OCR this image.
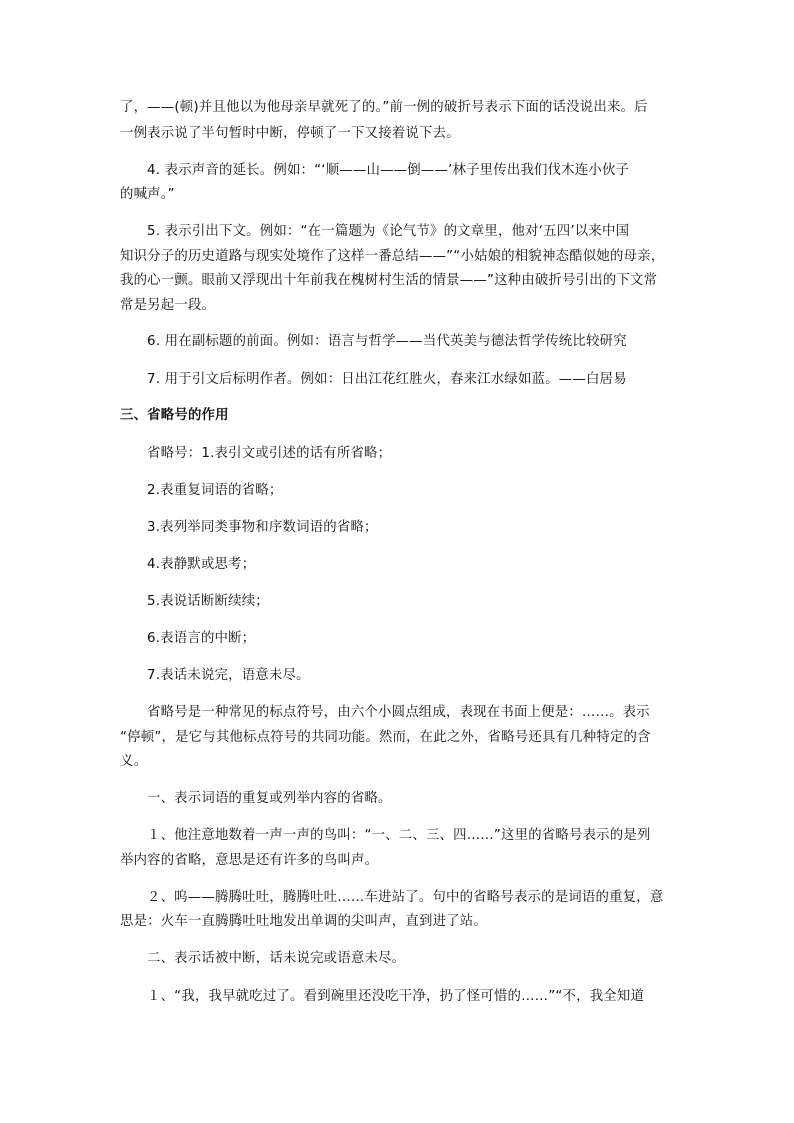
了，——(顿)并且他以为他母亲早就死了的。”前一例的破折号表示下面的话没说出来。后
一例表示说了半句暂时中断，停顿了一下又接着说下去。
4. 表示声音的延长。例如：“‘顺——山——倒——’林子里传出我们伐木连小伙子
的喊声。”
5. 表示引出下文。例如：“在一篇题为《论气节》的文章里，他对‘五四’以来中国
知识分子的历史道路与现实处境作了这样一番总结——”“小姑娘的相貌神态酷似她的母亲，
我的心一颤。眼前又浮现出十年前我在槐树村生活的情景——”这种由破折号引出的下文常
常是另起一段。
6. 用在副标题的前面。例如：语言与哲学——当代英美与德法哲学传统比较研究
7. 用于引文后标明作者。例如：日出江花红胜火，春来江水绿如蓝。——白居易
三、省略号的作用
省略号：1.表引文或引述的话有所省略；
2.表重复词语的省略；
3.表列举同类事物和序数词语的省略；
4.表静默或思考；
5.表说话断断续续；
6.表语言的中断；
7.表话未说完，语意未尽。
省略号是一种常见的标点符号，由六个小圆点组成，表现在书面上便是：……。表示
“停顿”，是它与其他标点符号的共同功能。然而，在此之外，省略号还具有几种特定的含
义。
一、表示词语的重复或列举内容的省略。
１、他注意地数着一声一声的鸟叫：“一、二、三、四……”这里的省略号表示的是列
举内容的省略，意思是还有许多的鸟叫声。
２、呜——腾腾吐吐，腾腾吐吐……车进站了。句中的省略号表示的是词语的重复，意
思是：火车一直腾腾吐吐地发出单调的尖叫声，直到进了站。
二、表示话被中断，话未说完或语意未尽。
１、“我，我早就吃过了。看到碗里还没吃干净，扔了怪可惜的……”“不，我全知道
